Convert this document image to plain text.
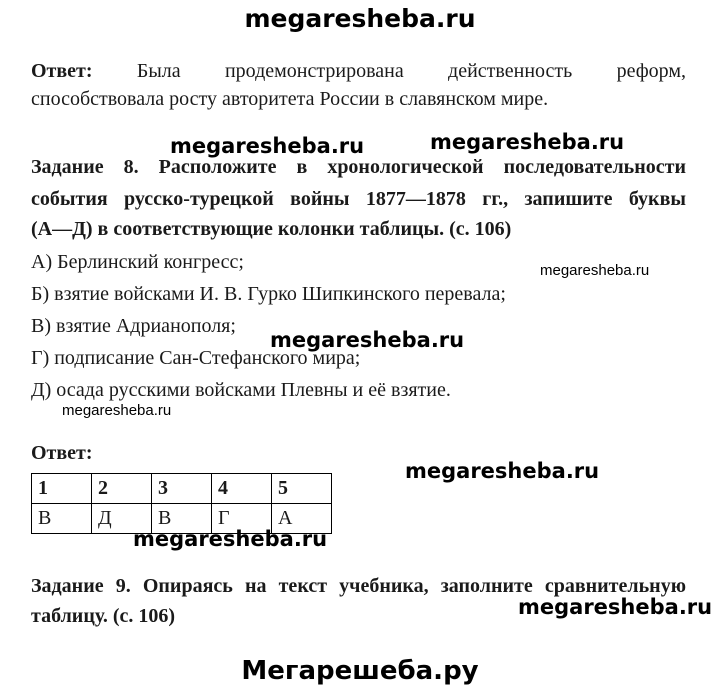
megaresheba.ru
Ответ: Была продемонстрирована действенность реформ,
способствовала росту авторитета России в славянском мире.
megaresheba.ru	megaresheba.ru
Задание 8. Расположите в хронологической последовательности
события русско-турецкой войны 1877—1878 гг., запишите буквы
(А—Д) в соответствующие колонки таблицы. (с. 106)
А) Берлинский конгресс;	megaresheba.ru
Б) взятие войсками И. В. Гурко Шипкинского перевала;
В) взятие Адрианополя;
megaresheba.ru
Г) подписание Сан-Стефанского мира;
Д) осада русскими войсками Плевны и её взятие.
megaresheba.ru
Ответ:
megaresheba.ru
1	2	3	4	5
В	Д	В	Г	А
megaresheba.ru
Задание 9. Опираясь на текст учебника, заполните сравнительную
megaresheba.ru
таблицу. (с. 106)
Мегарешеба.ру
